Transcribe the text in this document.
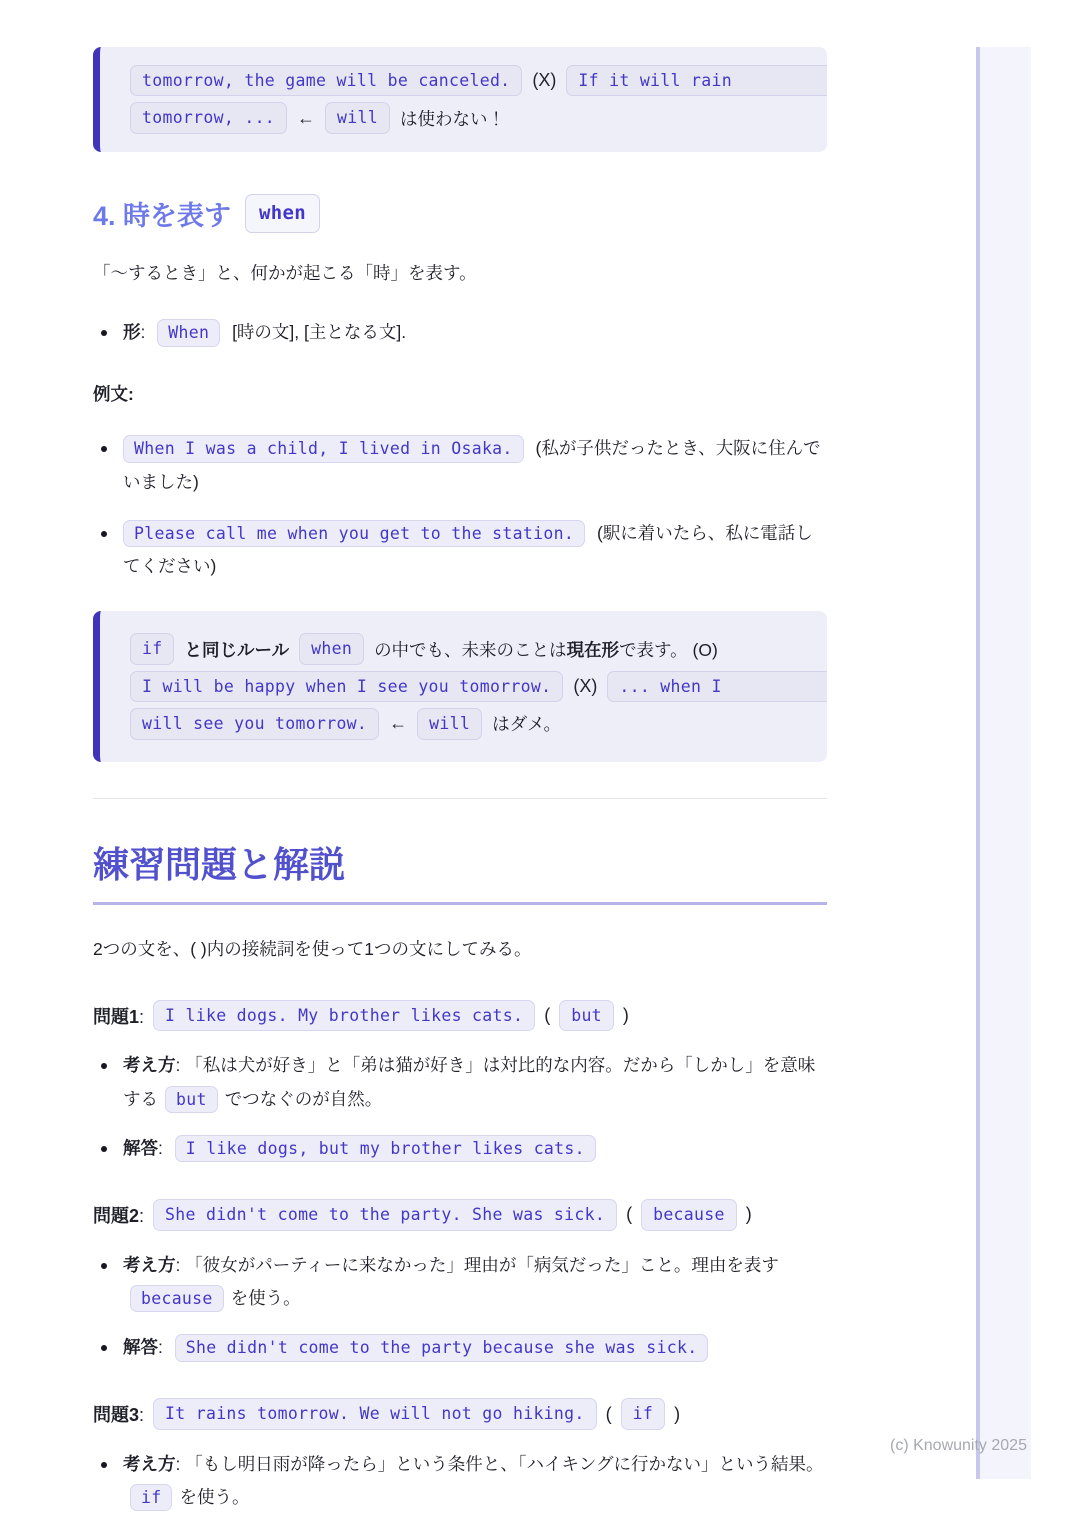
(c) Knowunity 2025
tomorrow, the game will be canceled.	(X)	If it will rain
tomorrow, ...	←	will	は使わない！
4. 時を表す	when

「〜するとき」と、何かが起こる「時」を表す。

形: When [時の文], [主となる文].

例文:

When I was a child, I lived in Osaka. (私が子供だったとき、大阪に住んでいました)
Please call me when you get to the station. (駅に着いたら、私に電話してください)
if	と同じルール	when	の中でも、未来のことは現在形で表す。 (O)
I will be happy when I see you tomorrow.	(X)	... when I
will see you tomorrow.	←	will	はダメ。
練習問題と解説

2つの文を、( )内の接続詞を使って1つの文にしてみる。

問題1:	I like dogs. My brother likes cats.	(	but	)
考え方: 「私は犬が好き」と「弟は猫が好き」は対比的な内容。だから「しかし」を意味する but でつなぐのが自然。
解答: I like dogs, but my brother likes cats.
問題2:	She didn't come to the party. She was sick.	(	because	)
考え方: 「彼女がパーティーに来なかった」理由が「病気だった」こと。理由を表すbecause を使う。
解答: She didn't come to the party because she was sick.
問題3:	It rains tomorrow. We will not go hiking.	(	if	)
考え方: 「もし明日雨が降ったら」という条件と、「ハイキングに行かない」という結果。if を使う。
